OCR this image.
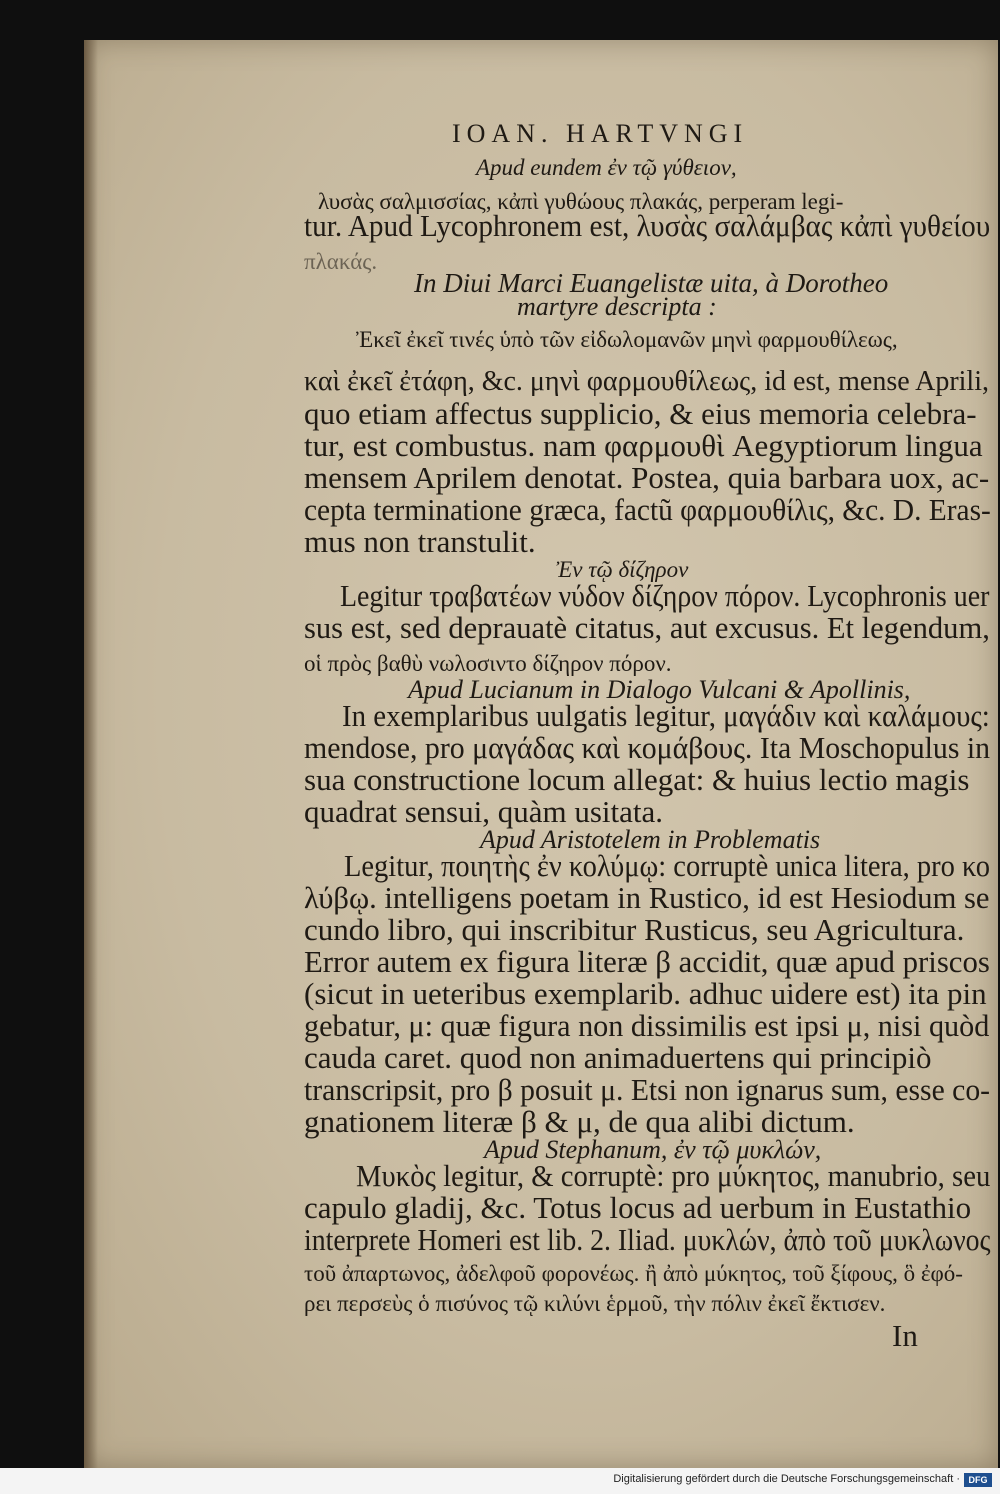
IOAN. HARTVNGI
Apud eundem ἐν τῷ γύθειον,
λυσὰς σαλμισσίας, κἀπὶ γυθώους πλακάς, perperam legi-
tur. Apud Lycophronem est, λυσὰς σαλάμβας κἀπὶ γυθείου
πλακάς.
In Diui Marci Euangelistæ uita, à Dorotheo
martyre descripta :
Ἐκεῖ ἐκεῖ τινές ὑπὸ τῶν εἰδωλομανῶν μηνὶ φαρμουθίλεως,
καὶ ἐκεῖ ἐτάφη, &c. μηνὶ φαρμουθίλεως, id est, mense Aprili,
quo etiam affectus supplicio, & eius memoria celebra-
tur, est combustus. nam φαρμουθὶ Aegyptiorum lingua
mensem Aprilem denotat. Postea, quia barbara uox, ac-
cepta terminatione græca, factũ φαρμουθίλις, &c. D. Eras-
mus non transtulit.
Ἐν τῷ δίζηρον
Legitur τραβατέων νύδον δίζηρον πόρον. Lycophronis uer
sus est, sed deprauatè citatus, aut excusus. Et legendum,
οἱ πρὸς βαθὺ νωλοσιντο δίζηρον πόρον.
Apud Lucianum in Dialogo Vulcani & Apollinis,
In exemplaribus uulgatis legitur, μαγάδιν καὶ καλάμους:
mendose, pro μαγάδας καὶ κομάβους. Ita Moschopulus in
sua constructione locum allegat: & huius lectio magis
quadrat sensui, quàm usitata.
Apud Aristotelem in Problematis
Legitur, ποιητὴς ἐν κολύμῳ: corruptè unica litera, pro κο
λύβῳ. intelligens poetam in Rustico, id est Hesiodum se
cundo libro, qui inscribitur Rusticus, seu Agricultura.
Error autem ex figura literæ β accidit, quæ apud priscos
(sicut in ueteribus exemplarib. adhuc uidere est) ita pin
gebatur, μ: quæ figura non dissimilis est ipsi μ, nisi quòd
cauda caret. quod non animaduertens qui principiò
transcripsit, pro β posuit μ. Etsi non ignarus sum, esse co-
gnationem literæ β & μ, de qua alibi dictum.
Apud Stephanum, ἐν τῷ μυκλών,
Μυκὸς legitur, & corruptè: pro μύκητος, manubrio, seu
capulo gladij, &c. Totus locus ad uerbum in Eustathio
interprete Homeri est lib. 2. Iliad. μυκλών, ἀπὸ τοῦ μυκλωνος
τοῦ ἀπαρτωνος, ἀδελφοῦ φορονέως. ἢ ἀπὸ μύκητος, τοῦ ξίφους, ὃ ἐφό-
ρει περσεὺς ὁ πισύνος τῷ κιλύνι ἑρμοῦ, τὴν πόλιν ἐκεῖ ἔκτισεν.
In
Digitalisierung gefördert durch die Deutsche Forschungsgemeinschaft · DFG
